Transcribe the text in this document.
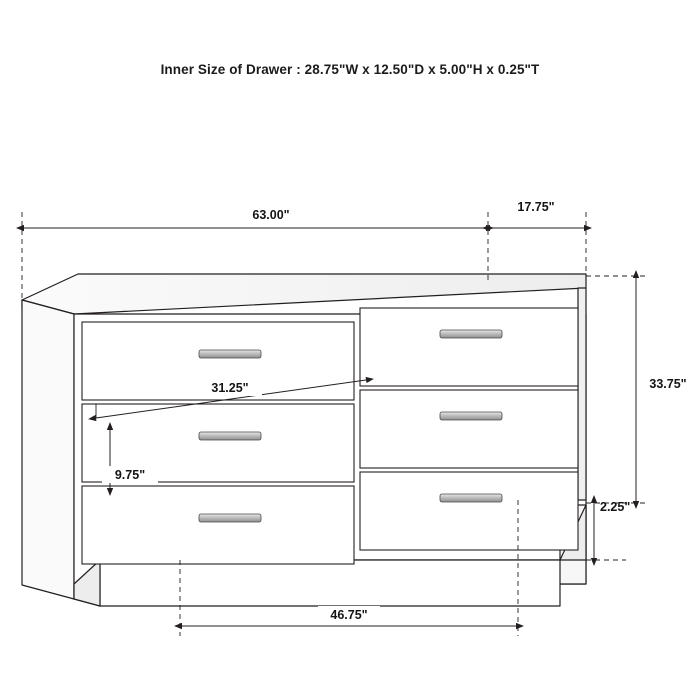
Inner Size of Drawer : 28.75"W x 12.50"D x 5.00"H x 0.25"T
63.00"
17.75"
33.75"
2.25"
31.25"
9.75"
46.75"
